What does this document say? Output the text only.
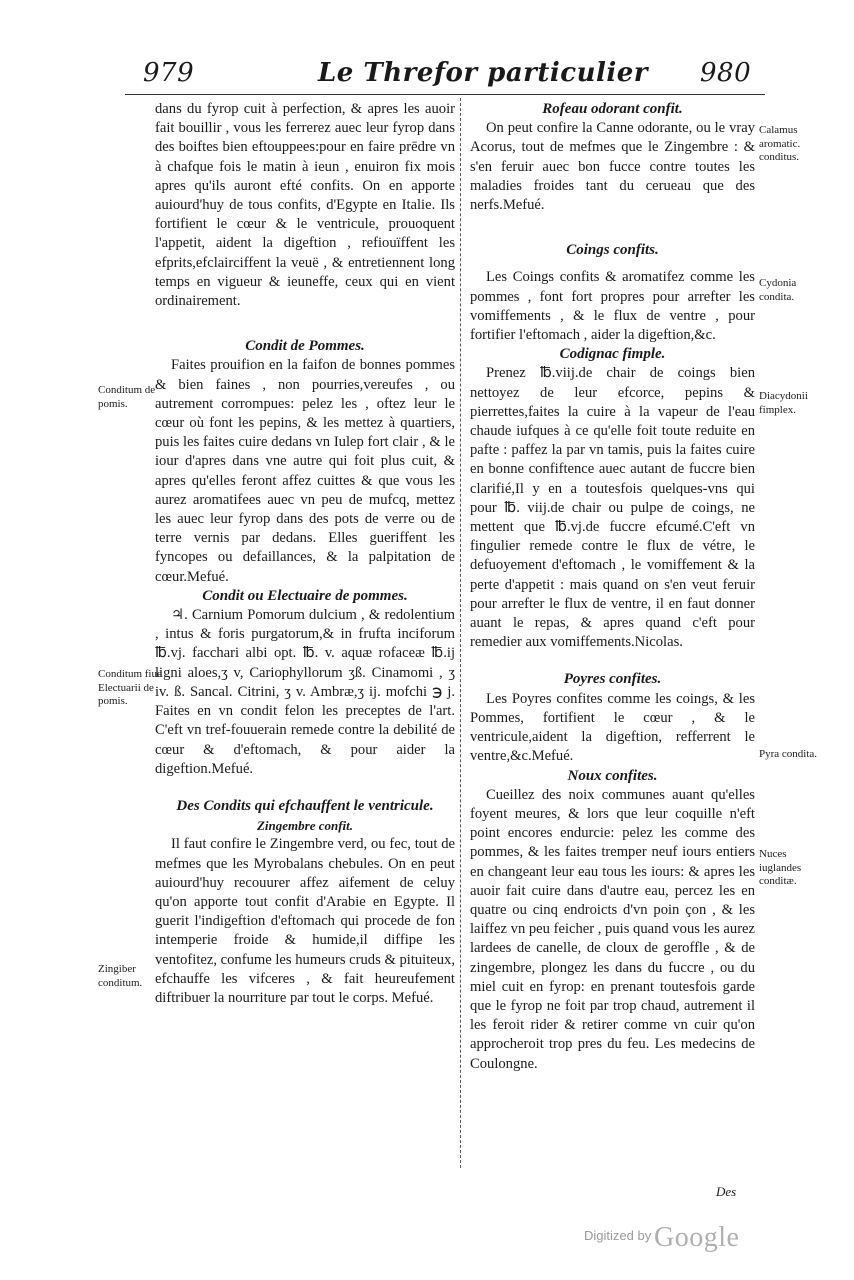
979	Le Threfor particulier 980

dans du fyrop cuit à perfection, & apres les auoir fait bouillir , vous les ferrerez auec leur fyrop dans des boiftes bien eftouppees:pour en faire prēdre vn à chafque fois le matin à ieun , enuiron fix mois apres qu'ils auront efté confits. On en apporte auiourd'huy de tous confits, d'Egypte en Italie. Ils fortifient le cœur & le ventricule, prouoquent l'appetit, aident la digeftion , refiouïffent les efprits,efclairciffent la veuë , & entretiennent long temps en vigueur & ieuneffe, ceux qui en vient ordinairement.

Condit de Pommes.

Faites prouifion en la faifon de bonnes pommes & bien faines , non pourries,vereufes , ou autrement corrompues: pelez les , oftez leur le cœur où font les pepins, & les mettez à quartiers, puis les faites cuire dedans vn Iulep fort clair , & le iour d'apres dans vne autre qui foit plus cuit, & apres qu'elles feront affez cuittes & que vous les aurez aromatifees auec vn peu de mufcq, mettez les auec leur fyrop dans des pots de verre ou de terre vernis par dedans. Elles gueriffent les fyncopes ou defaillances, & la palpitation de cœur.Mefué.

Condit ou Electuaire de pommes.

♃. Carnium Pomorum dulcium , & redolentium , intus & foris purgatorum,& in frufta inciforum ℔.vj. facchari albi opt. ℔. v. aquæ rofaceæ ℔.ij ligni aloes,ʒ v, Cariophyllorum ʒß. Cinamomi , ʒ iv. ß. Sancal. Citrini, ʒ v. Ambræ,ʒ ij. mofchi ℈ j. Faites en vn condit felon les preceptes de l'art. C'eft vn tref-fouuerain remede contre la debilité de cœur & d'eftomach, & pour aider la digeftion.Mefué.

Des Condits qui efchauffent le ventricule.

Zingembre confit.

Il faut confire le Zingembre verd, ou fec, tout de mefmes que les Myrobalans chebules. On en peut auiourd'huy recouurer affez aifement de celuy qu'on apporte tout confit d'Arabie en Egypte. Il guerit l'indigeftion d'eftomach qui procede de fon intemperie froide & humide,il diffipe les ventofitez, confume les humeurs cruds & pituiteux, efchauffe les vifceres , & fait heureufement diftribuer la nourriture par tout le corps. Mefué.

Rofeau odorant confit.

On peut confire la Canne odorante, ou le vray Acorus, tout de mefmes que le Zingembre : & s'en feruir auec bon fucce contre toutes les maladies froides tant du cerueau que des nerfs.Mefué.

Coings confits.

Les Coings confits & aromatifez comme les pommes , font fort propres pour arrefter les vomiffements , & le flux de ventre , pour fortifier l'eftomach , aider la digeftion,&c.

Codignac fimple.

Prenez ℔.viij.de chair de coings bien nettoyez de leur efcorce, pepins & pierrettes,faites la cuire à la vapeur de l'eau chaude iufques à ce qu'elle foit toute reduite en pafte : paffez la par vn tamis, puis la faites cuire en bonne confiftence auec autant de fuccre bien clarifié,Il y en a toutesfois quelques-vns qui pour ℔. viij.de chair ou pulpe de coings, ne mettent que ℔.vj.de fuccre efcumé.C'eft vn fingulier remede contre le flux de vétre, le defuoyement d'eftomach , le vomiffement & la perte d'appetit : mais quand on s'en veut feruir pour arrefter le flux de ventre, il en faut donner auant le repas, & apres quand c'eft pour remedier aux vomiffements.Nicolas.

Poyres confites.

Les Poyres confites comme les coings, & les Pommes, fortifient le cœur , & le ventricule,aident la digeftion, refferrent le ventre,&c.Mefué.

Noux confites.

Cueillez des noix communes auant qu'elles foyent meures, & lors que leur coquille n'eft point encores endurcie: pelez les comme des pommes, & les faites tremper neuf iours entiers en changeant leur eau tous les iours: & apres les auoir fait cuire dans d'autre eau, percez les en quatre ou cinq endroicts d'vn poin çon , & les laiffez vn peu feicher , puis quand vous les aurez lardees de canelle, de cloux de geroffle , & de zingembre, plongez les dans du fuccre , ou du miel cuit en fyrop: en prenant toutesfois garde que le fyrop ne foit par trop chaud, autrement il les feroit rider & retirer comme vn cuir qu'on approcheroit trop pres du feu. Les medecins de Coulongne.

Conditum de pomis.
Conditum fiue Electuarii de pomis.
Zingiber conditum.
Calamus aromatic. conditus.
Cydonia condita.
Diacydonii fimplex.
Pyra condita.
Nuces iuglandes conditæ.
Des
Digitized by Google
